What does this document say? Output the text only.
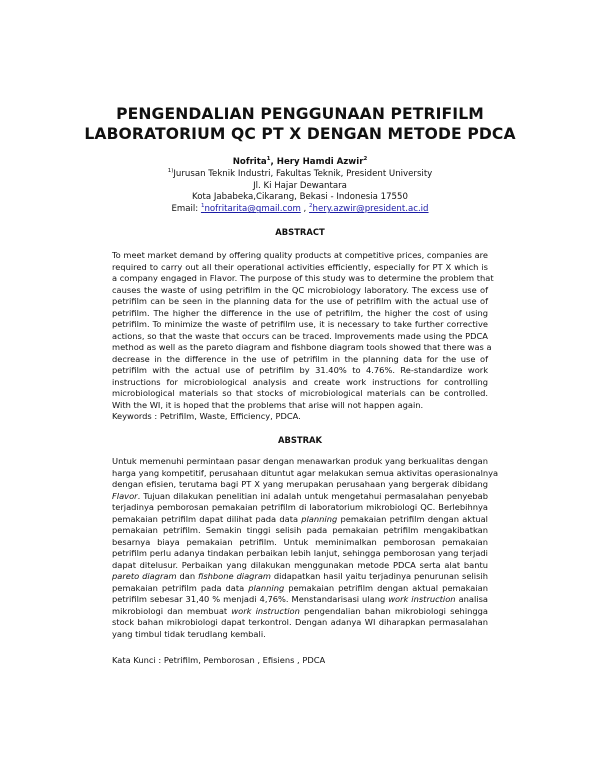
PENGENDALIAN PENGGUNAAN PETRIFILM
LABORATORIUM QC PT X DENGAN METODE PDCA
Nofrita$^1$, Hery Hamdi Azwir$^2$
$^{1)}$Jurusan Teknik Industri, Fakultas Teknik, President University
Jl. Ki Hajar Dewantara
Kota Jababeka,Cikarang, Bekasi - Indonesia 17550
Email: $^1$nofritarita@gmail.com , $^2$hery.azwir@president.ac.id
ABSTRACT
To meet market demand by offering quality products at competitive prices, companies are
required to carry out all their operational activities efficiently, especially for PT X which is
a company engaged in Flavor. The purpose of this study was to determine the problem that
causes the waste of using petrifilm in the QC microbiology laboratory. The excess use of
petrifilm can be seen in the planning data for the use of petrifilm with the actual use of
petrifilm. The higher the difference in the use of petrifilm, the higher the cost of using
petrifilm. To minimize the waste of petrifilm use, it is necessary to take further corrective
actions, so that the waste that occurs can be traced. Improvements made using the PDCA
method as well as the pareto diagram and fishbone diagram tools showed that there was a
decrease in the difference in the use of petrifilm in the planning data for the use of
petrifilm with the actual use of petrifilm by 31.40% to 4.76%. Re-standardize work
instructions for microbiological analysis and create work instructions for controlling
microbiological materials so that stocks of microbiological materials can be controlled.
With the WI, it is hoped that the problems that arise will not happen again.
Keywords : Petrifilm, Waste, Efficiency, PDCA.
ABSTRAK
Untuk memenuhi permintaan pasar dengan menawarkan produk yang berkualitas dengan
harga yang kompetitif, perusahaan dituntut agar melakukan semua aktivitas operasionalnya
dengan efisien, terutama bagi PT X yang merupakan perusahaan yang bergerak dibidang
Flavor. Tujuan dilakukan penelitian ini adalah untuk mengetahui permasalahan penyebab
terjadinya pemborosan pemakaian petrifilm di laboratorium mikrobiologi QC. Berlebihnya
pemakaian petrifilm dapat dilihat pada data planning pemakaian petrifilm dengan aktual
pemakaian petrifilm. Semakin tinggi selisih pada pemakaian petrifilm mengakibatkan
besarnya biaya pemakaian petrifilm. Untuk meminimalkan pemborosan pemakaian
petrifilm perlu adanya tindakan perbaikan lebih lanjut, sehingga pemborosan yang terjadi
dapat ditelusur. Perbaikan yang dilakukan menggunakan metode PDCA serta alat bantu
pareto diagram dan fishbone diagram didapatkan hasil yaitu terjadinya penurunan selisih
pemakaian petrifilm pada data planning pemakaian petrifilm dengan aktual pemakaian
petrifilm sebesar 31,40 % menjadi 4,76%. Menstandarisasi ulang work instruction analisa
mikrobiologi dan membuat work instruction pengendalian bahan mikrobiologi sehingga
stock bahan mikrobiologi dapat terkontrol. Dengan adanya WI diharapkan permasalahan
yang timbul tidak terudlang kembali.
Kata Kunci : Petrifilm, Pemborosan , Efisiens , PDCA
